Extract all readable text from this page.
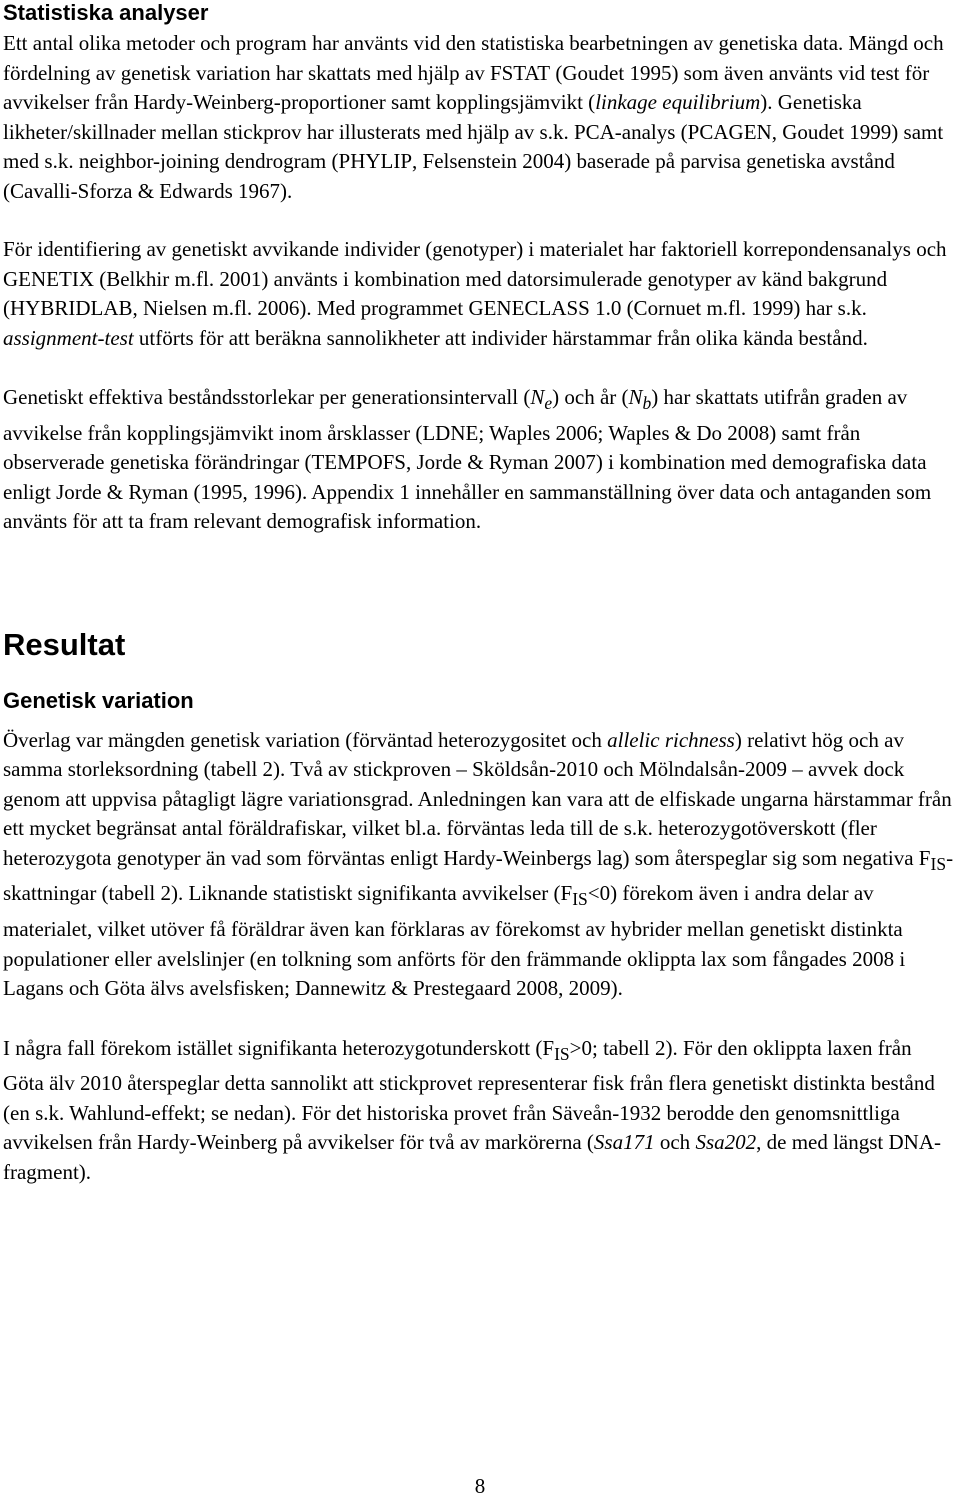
Statistiska analyser

Ett antal olika metoder och program har använts vid den statistiska bearbetningen av genetiska data. Mängd och fördelning av genetisk variation har skattats med hjälp av FSTAT (Goudet 1995) som även använts vid test för avvikelser från Hardy-Weinberg-proportioner samt kopplingsjämvikt (linkage equilibrium). Genetiska likheter/skillnader mellan stickprov har illusterats med hjälp av s.k. PCA-analys (PCAGEN, Goudet 1999) samt med s.k. neighbor-joining dendrogram (PHYLIP, Felsenstein 2004) baserade på parvisa genetiska avstånd (Cavalli-Sforza & Edwards 1967).

För identifiering av genetiskt avvikande individer (genotyper) i materialet har faktoriell korrepondensanalys och GENETIX (Belkhir m.fl. 2001) använts i kombination med datorsimulerade genotyper av känd bakgrund (HYBRIDLAB, Nielsen m.fl. 2006). Med programmet GENECLASS 1.0 (Cornuet m.fl. 1999) har s.k. assignment-test utförts för att beräkna sannolikheter att individer härstammar från olika kända bestånd.

Genetiskt effektiva beståndsstorlekar per generationsintervall $(N_e)$ och år $(N_b)$ har skattats utifrån graden av avvikelse från kopplingsjämvikt inom årsklasser (LDNE; Waples 2006; Waples & Do 2008) samt från observerade genetiska förändringar (TEMPOFS, Jorde & Ryman 2007) i kombination med demografiska data enligt Jorde & Ryman (1995, 1996). Appendix 1 innehåller en sammanställning över data och antaganden som använts för att ta fram relevant demografisk information.

Resultat
Genetisk variation

Överlag var mängden genetisk variation (förväntad heterozygositet och allelic richness) relativt hög och av samma storleksordning (tabell 2). Två av stickproven – Sköldsån-2010 och Mölndalsån-2009 – avvek dock genom att uppvisa påtagligt lägre variationsgrad. Anledningen kan vara att de elfiskade ungarna härstammar från ett mycket begränsat antal föräldrafiskar, vilket bl.a. förväntas leda till de s.k. heterozygotöverskott (fler heterozygota genotyper än vad som förväntas enligt Hardy-Weinbergs lag) som återspeglar sig som negativa $F_{IS}$-skattningar (tabell 2). Liknande statistiskt signifikanta avvikelser $(F_{IS}<0)$ förekom även i andra delar av materialet, vilket utöver få föräldrar även kan förklaras av förekomst av hybrider mellan genetiskt distinkta populationer eller avelslinjer (en tolkning som anförts för den främmande oklippta lax som fångades 2008 i Lagans och Göta älvs avelsfisken; Dannewitz & Prestegaard 2008, 2009).

I några fall förekom istället signifikanta heterozygotunderskott ($F_{IS}>0$; tabell 2). För den oklippta laxen från Göta älv 2010 återspeglar detta sannolikt att stickprovet representerar fisk från flera genetiskt distinkta bestånd (en s.k. Wahlund-effekt; se nedan). För det historiska provet från Säveån-1932 berodde den genomsnittliga avvikelsen från Hardy-Weinberg på avvikelser för två av markörerna (Ssa171 och Ssa202, de med längst DNA-fragment).

8
